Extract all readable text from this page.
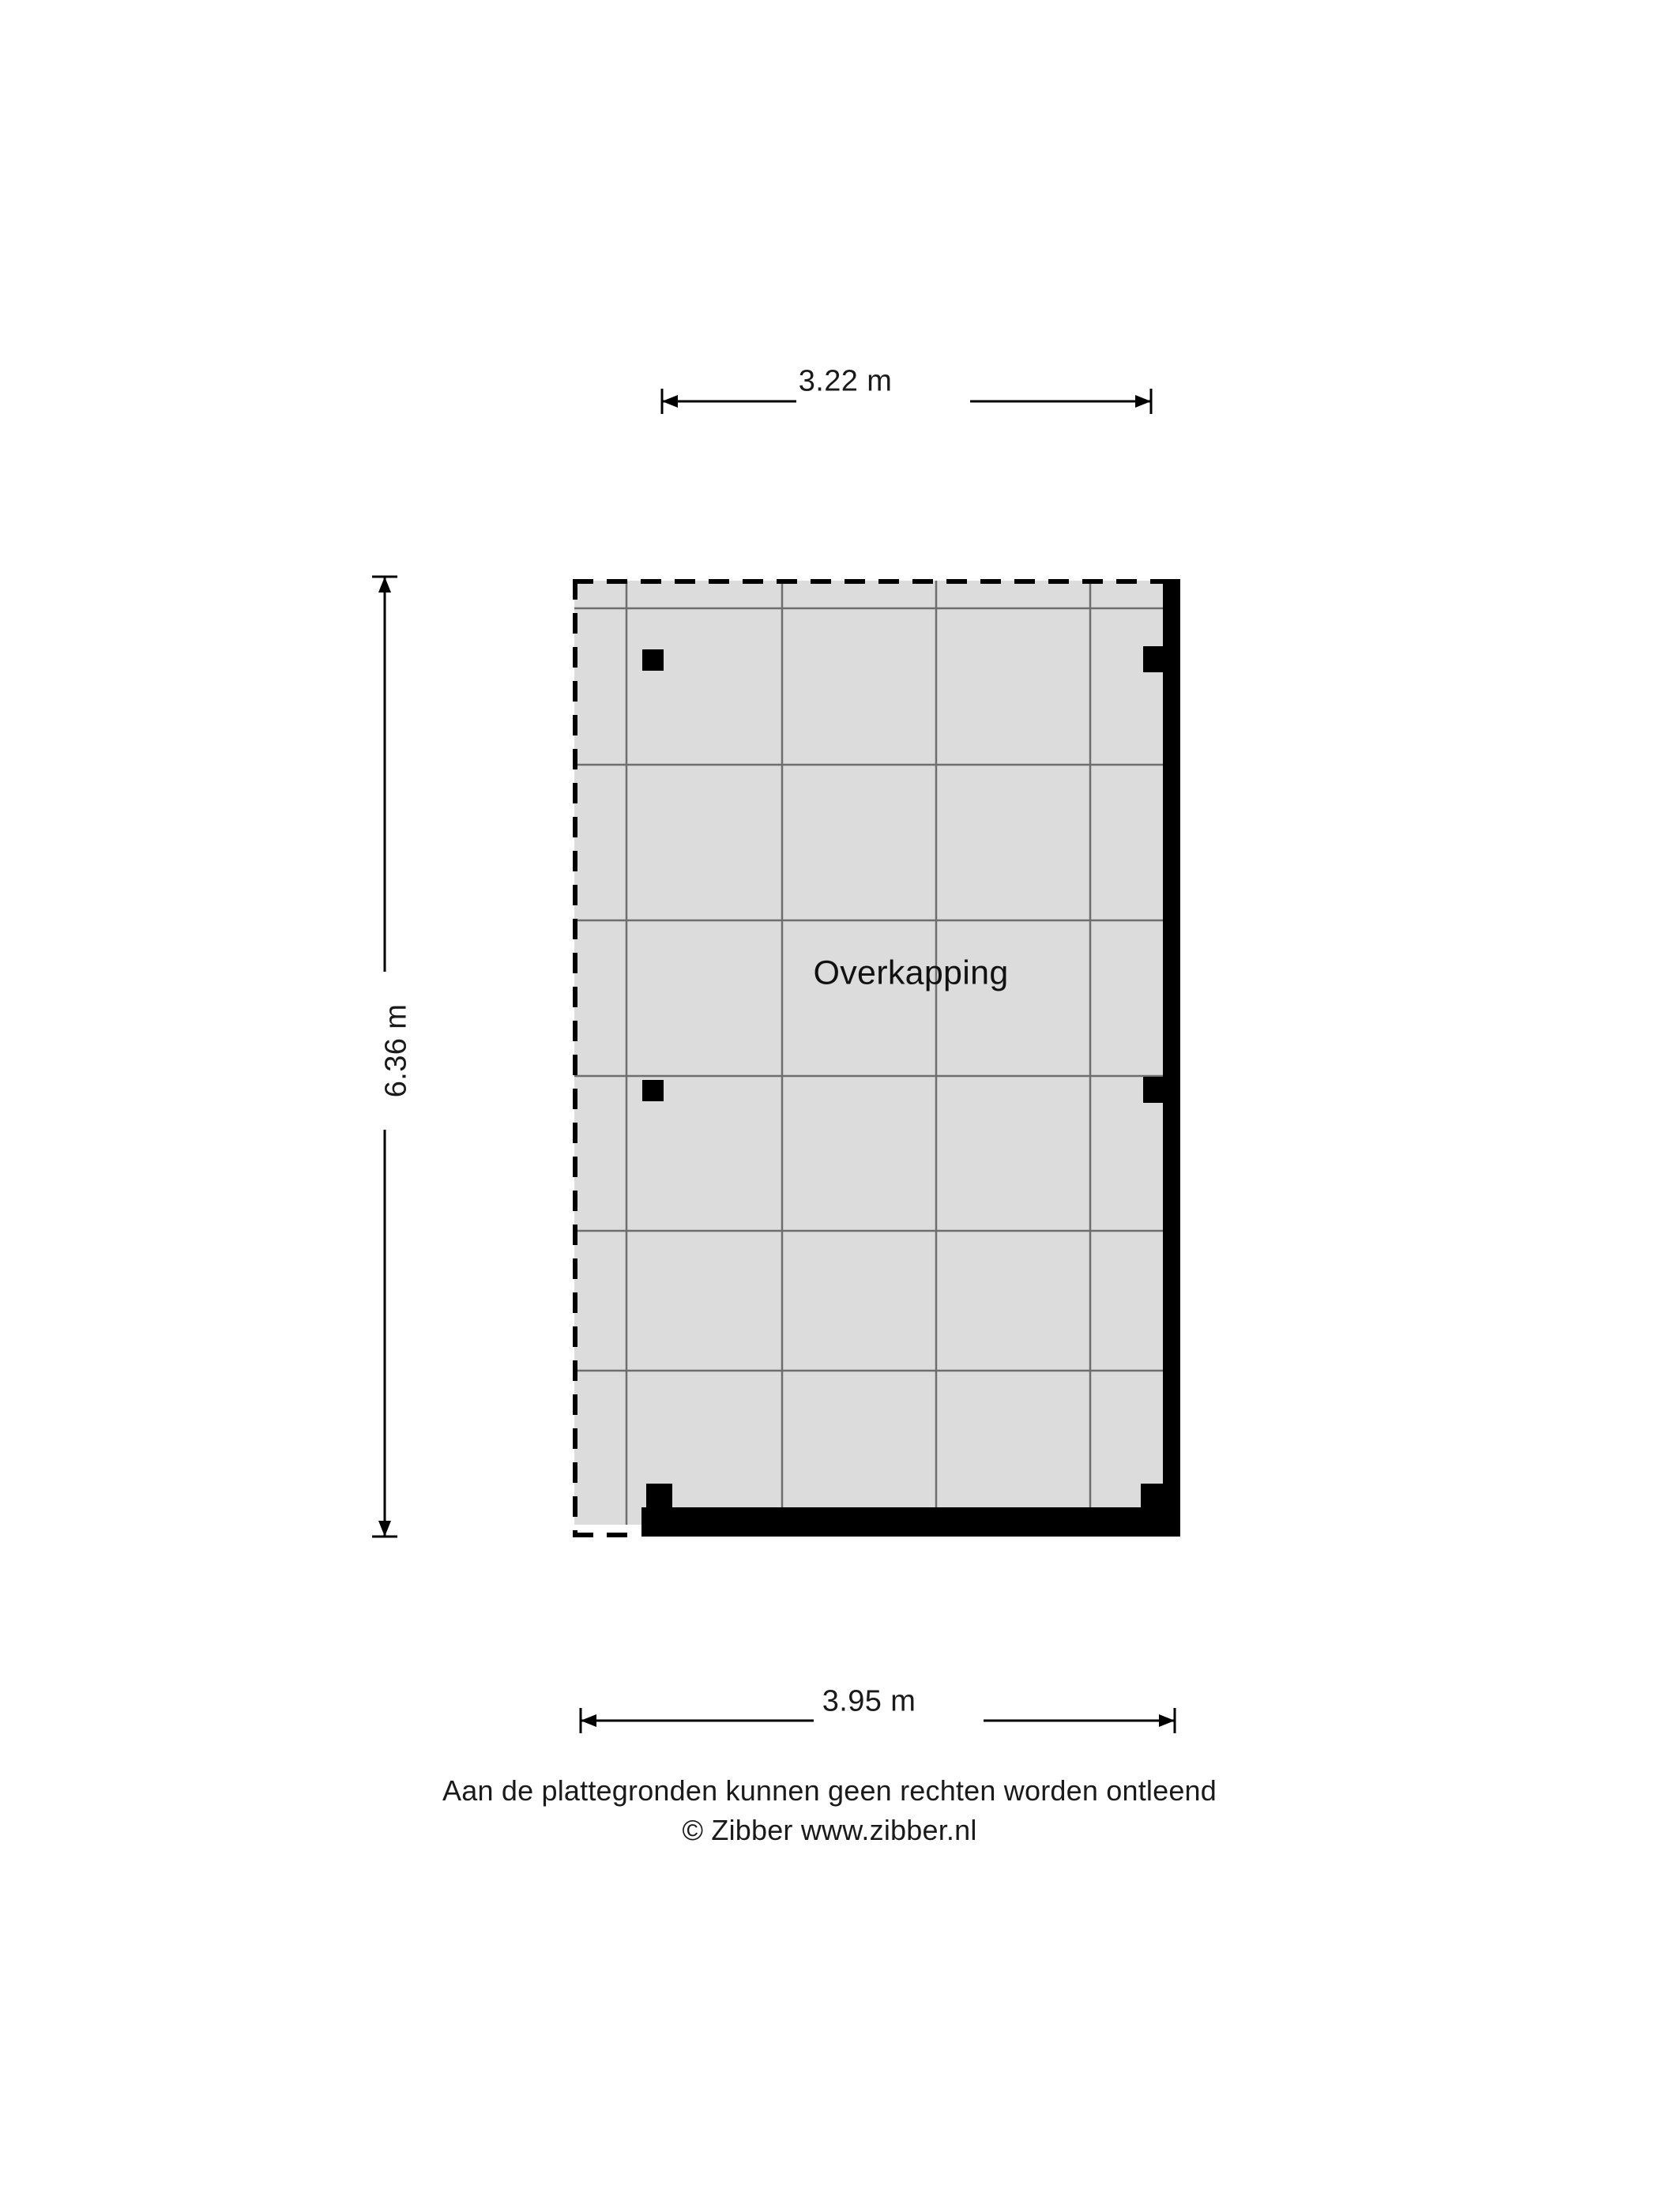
3.22 m
3.95 m
6.36 m
Overkapping
Aan de plattegronden kunnen geen rechten worden ontleend
© Zibber www.zibber.nl
